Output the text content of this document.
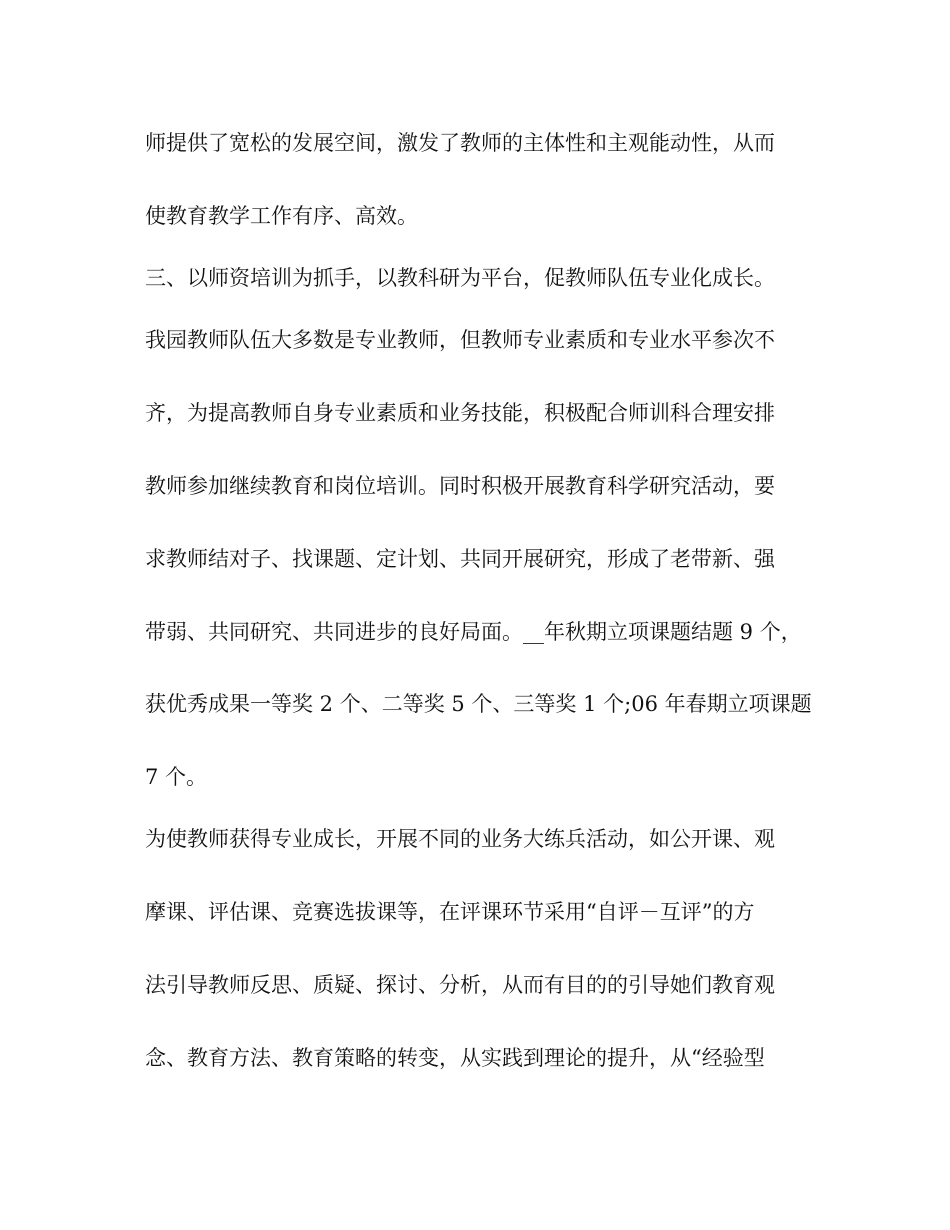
师提供了宽松的发展空间，激发了教师的主体性和主观能动性，从而
使教育教学工作有序、高效。
三、以师资培训为抓手，以教科研为平台，促教师队伍专业化成长。
我园教师队伍大多数是专业教师，但教师专业素质和专业水平参次不
齐，为提高教师自身专业素质和业务技能，积极配合师训科合理安排
教师参加继续教育和岗位培训。同时积极开展教育科学研究活动，要
求教师结对子、找课题、定计划、共同开展研究，形成了老带新、强
带弱、共同研究、共同进步的良好局面。__年秋期立项课题结题 9 个，
获优秀成果一等奖 2 个、二等奖 5 个、三等奖 1 个;06 年春期立项课题
7 个。
为使教师获得专业成长，开展不同的业务大练兵活动，如公开课、观
摩课、评估课、竞赛选拔课等，在评课环节采用“自评－互评”的方
法引导教师反思、质疑、探讨、分析，从而有目的的引导她们教育观
念、教育方法、教育策略的转变，从实践到理论的提升，从“经验型
